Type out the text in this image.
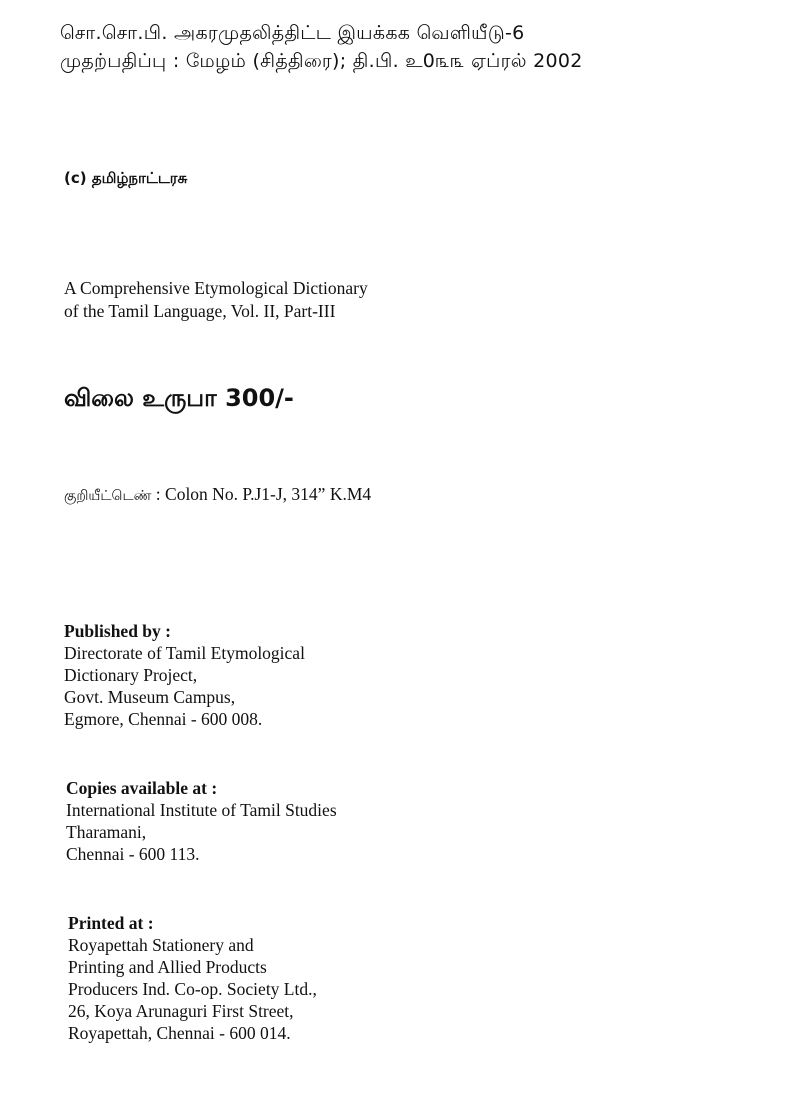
சொ.சொ.பி. அகரமுதலித்திட்ட இயக்கக வெளியீடு-6
முதற்பதிப்பு : மேழம் (சித்திரை); தி.பி. உ0௩௩ ஏப்ரல் 2002
(c) தமிழ்நாட்டரசு
A Comprehensive Etymological Dictionary
of the Tamil Language, Vol. II, Part-III
விலை உருபா 300/-
குறியீட்டெண் : Colon No. P.J1-J, 314” K.M4
Published by :
Directorate of Tamil Etymological
Dictionary Project,
Govt. Museum Campus,
Egmore, Chennai - 600 008.
Copies available at :
International Institute of Tamil Studies
Tharamani,
Chennai - 600 113.
Printed at :
Royapettah Stationery and
Printing and Allied Products
Producers Ind. Co-op. Society Ltd.,
26, Koya Arunaguri First Street,
Royapettah, Chennai - 600 014.
